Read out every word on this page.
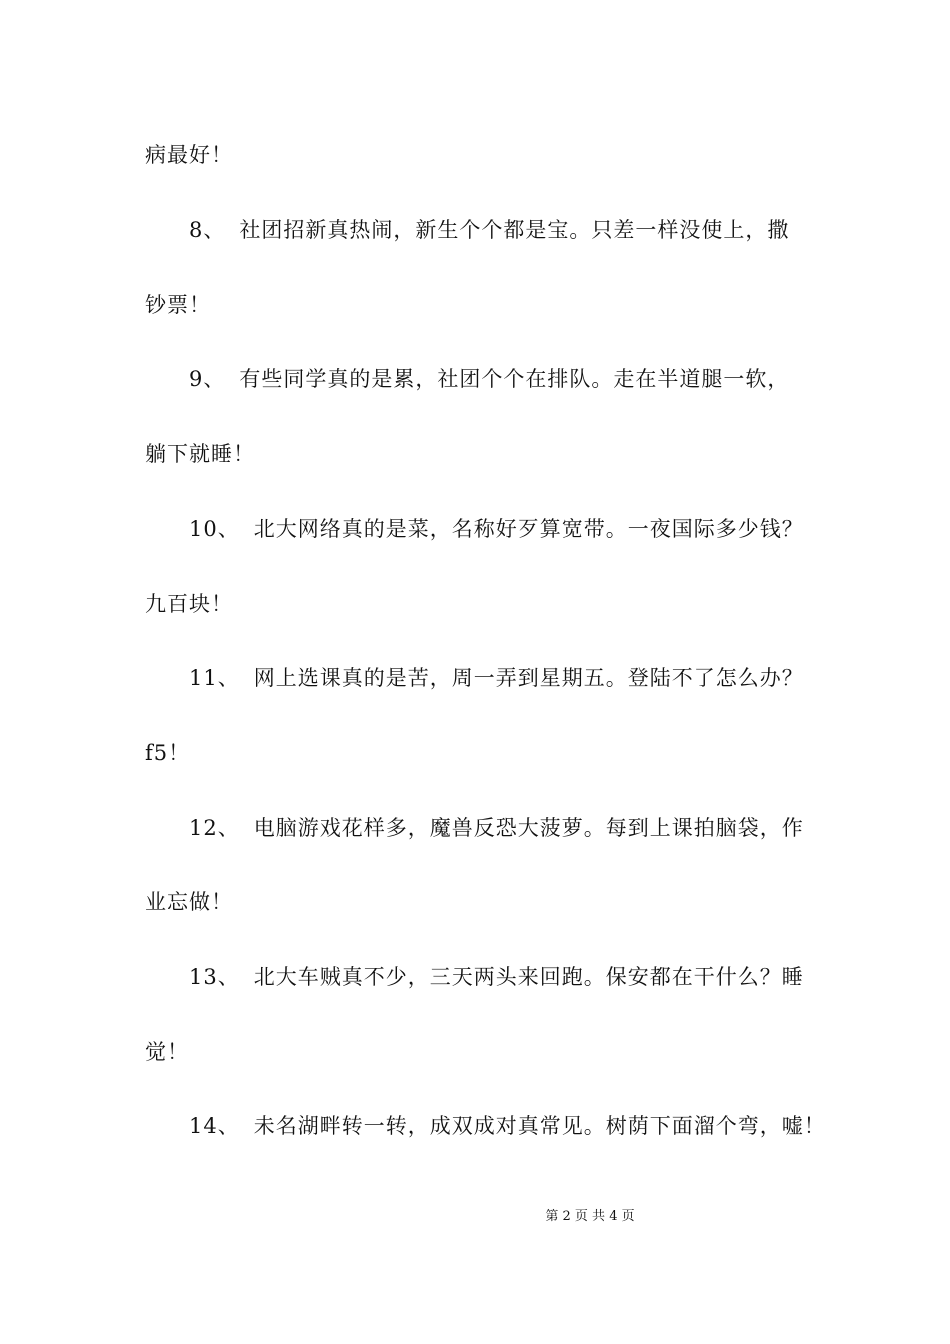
病最好！
8、 社团招新真热闹，新生个个都是宝。只差一样没使上，撒
钞票！
9、 有些同学真的是累，社团个个在排队。走在半道腿一软，
躺下就睡！
10、 北大网络真的是菜，名称好歹算宽带。一夜国际多少钱？
九百块！
11、 网上选课真的是苦，周一弄到星期五。登陆不了怎么办？
f5！
12、 电脑游戏花样多，魔兽反恐大菠萝。每到上课拍脑袋，作
业忘做！
13、 北大车贼真不少，三天两头来回跑。保安都在干什么？睡
觉！
14、 未名湖畔转一转，成双成对真常见。树荫下面溜个弯，嘘！
第 2 页 共 4 页
